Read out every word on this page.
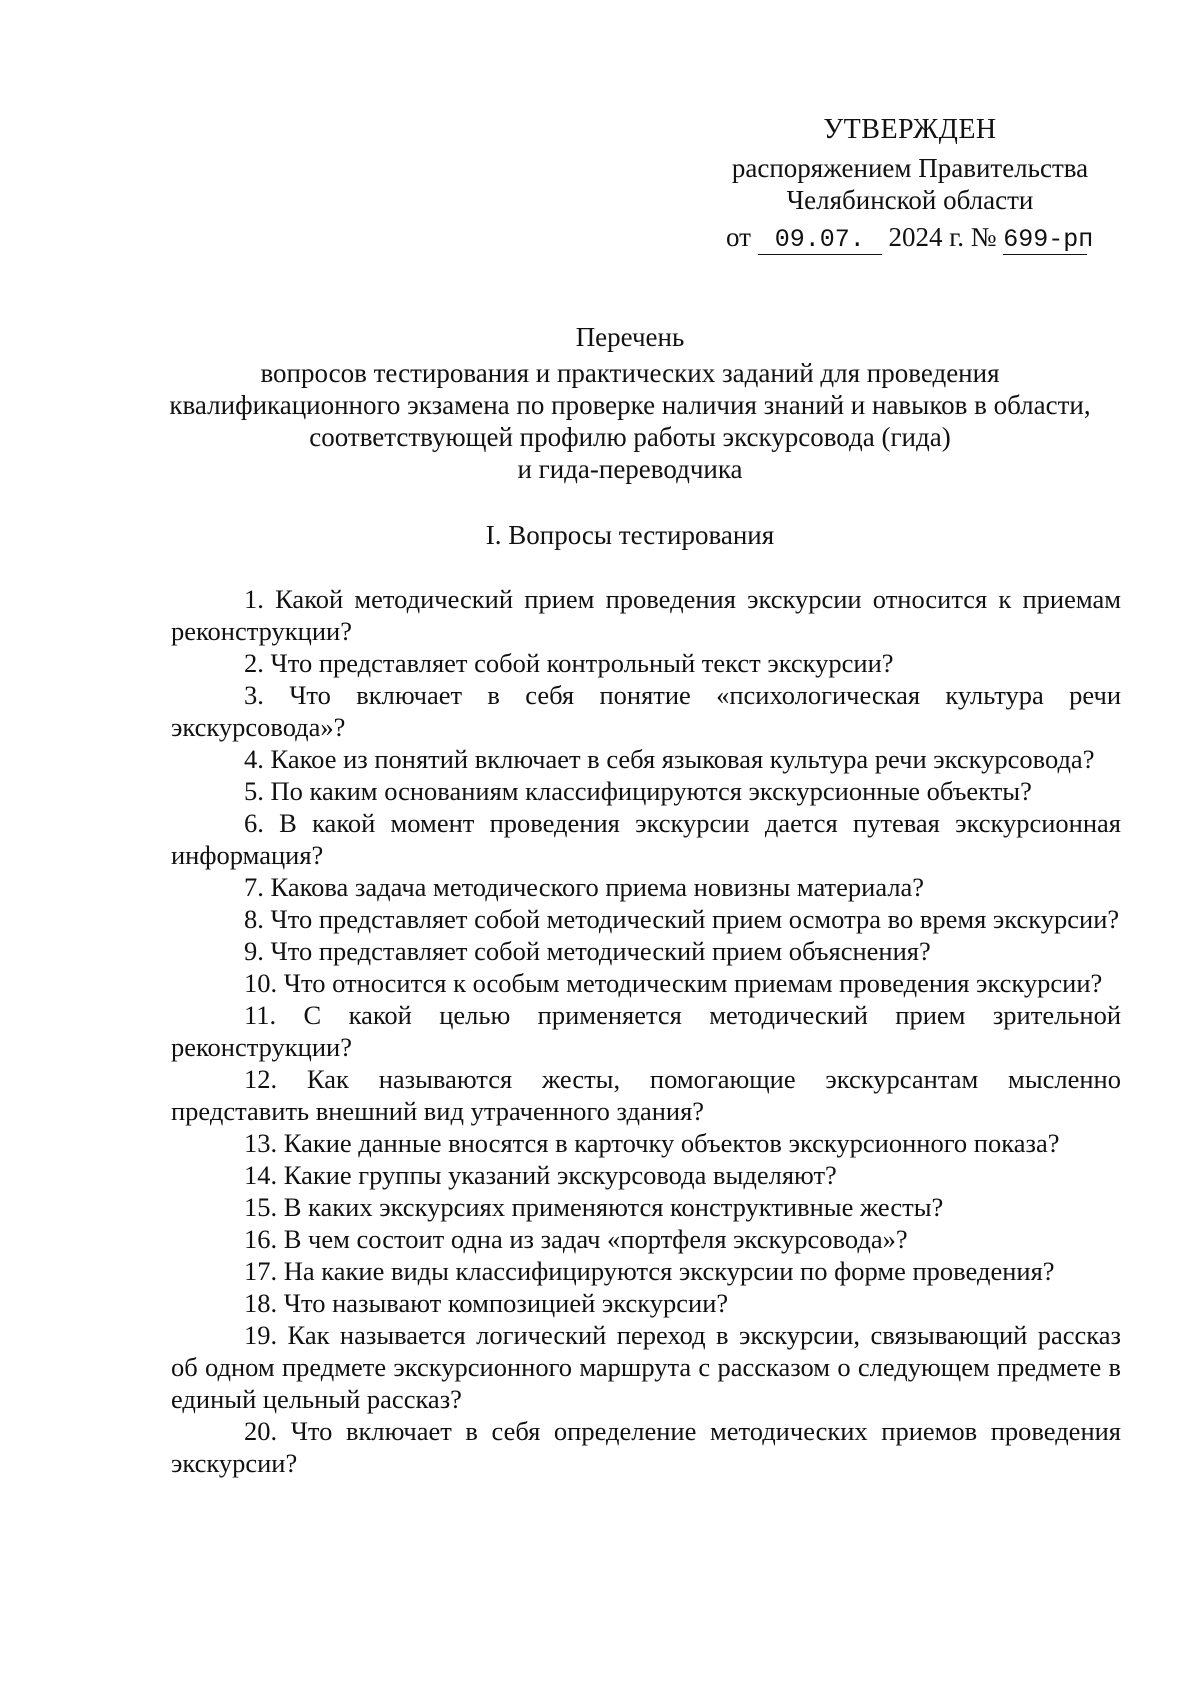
УТВЕРЖДЕН
распоряжением Правительства
Челябинской области
от 09.07. 2024 г. № 699-рп
Перечень
вопросов тестирования и практических заданий для проведения
квалификационного экзамена по проверке наличия знаний и навыков в области,
соответствующей профилю работы экскурсовода (гида)
и гида-переводчика
I. Вопросы тестирования

1. Какой методический прием проведения экскурсии относится к приемам реконструкции?

2. Что представляет собой контрольный текст экскурсии?

3. Что включает в себя понятие «психологическая культура речи экскурсовода»?

4. Какое из понятий включает в себя языковая культура речи экскурсовода?

5. По каким основаниям классифицируются экскурсионные объекты?

6. В какой момент проведения экскурсии дается путевая экскурсионная информация?

7. Какова задача методического приема новизны материала?

8. Что представляет собой методический прием осмотра во время экскурсии?

9. Что представляет собой методический прием объяснения?

10. Что относится к особым методическим приемам проведения экскурсии?

11. С какой целью применяется методический прием зрительной реконструкции?

12. Как называются жесты, помогающие экскурсантам мысленно представить внешний вид утраченного здания?

13. Какие данные вносятся в карточку объектов экскурсионного показа?

14. Какие группы указаний экскурсовода выделяют?

15. В каких экскурсиях применяются конструктивные жесты?

16. В чем состоит одна из задач «портфеля экскурсовода»?

17. На какие виды классифицируются экскурсии по форме проведения?

18. Что называют композицией экскурсии?

19. Как называется логический переход в экскурсии, связывающий рассказ об одном предмете экскурсионного маршрута с рассказом о следующем предмете в единый цельный рассказ?

20. Что включает в себя определение методических приемов проведения экскурсии?
